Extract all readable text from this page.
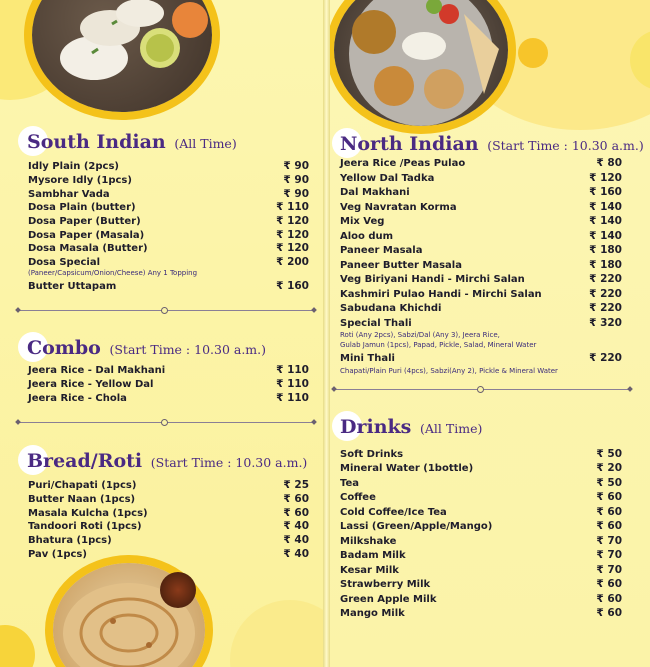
South Indian (All Time)
Idly Plain (2pcs)	₹ 90
Mysore Idly (1pcs)	₹ 90
Sambhar Vada	₹ 90
Dosa Plain (butter)	₹ 110
Dosa Paper (Butter)	₹ 120
Dosa Paper (Masala)	₹ 120
Dosa Masala (Butter)	₹ 120
Dosa Special	₹ 200
(Paneer/Capsicum/Onion/Cheese) Any 1 Topping
Butter Uttapam	₹ 160
Combo (Start Time : 10.30 a.m.)
Jeera Rice - Dal Makhani	₹ 110
Jeera Rice - Yellow Dal	₹ 110
Jeera Rice - Chola	₹ 110
Bread/Roti (Start Time : 10.30 a.m.)
Puri/Chapati (1pcs)	₹ 25
Butter Naan (1pcs)	₹ 60
Masala Kulcha (1pcs)	₹ 60
Tandoori Roti (1pcs)	₹ 40
Bhatura (1pcs)	₹ 40
Pav (1pcs)	₹ 40
North Indian (Start Time : 10.30 a.m.)
Jeera Rice /Peas Pulao	₹ 80
Yellow Dal Tadka	₹ 120
Dal Makhani	₹ 160
Veg Navratan Korma	₹ 140
Mix Veg	₹ 140
Aloo dum	₹ 140
Paneer Masala	₹ 180
Paneer Butter Masala	₹ 180
Veg Biriyani Handi - Mirchi Salan	₹ 220
Kashmiri Pulao Handi - Mirchi Salan	₹ 220
Sabudana Khichdi	₹ 220
Special Thali	₹ 320
Roti (Any 2pcs), Sabzi/Dal (Any 3), Jeera Rice,
Gulab Jamun (1pcs), Papad, Pickle, Salad, Mineral Water
Mini Thali	₹ 220
Chapati/Plain Puri (4pcs), Sabzi(Any 2), Pickle & Mineral Water
Drinks (All Time)
Soft Drinks	₹ 50
Mineral Water (1bottle)	₹ 20
Tea	₹ 50
Coffee	₹ 60
Cold Coffee/Ice Tea	₹ 60
Lassi (Green/Apple/Mango)	₹ 60
Milkshake	₹ 70
Badam Milk	₹ 70
Kesar Milk	₹ 70
Strawberry Milk	₹ 60
Green Apple Milk	₹ 60
Mango Milk	₹ 60
